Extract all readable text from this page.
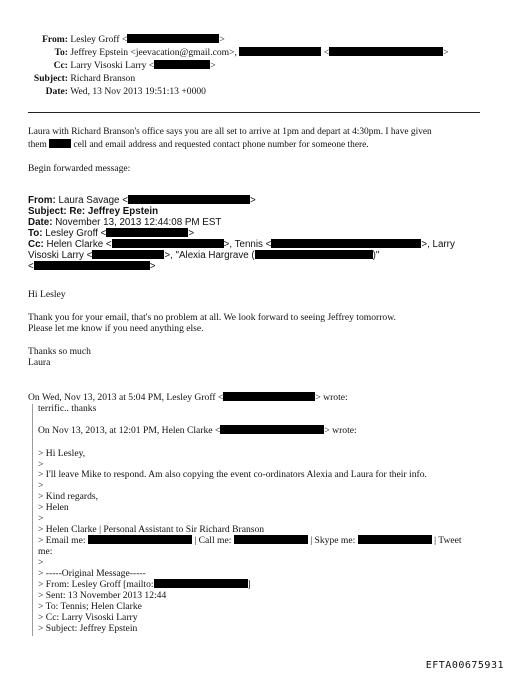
From: Lesley Groff <	>
To: Jeffrey Epstein <jeevacation@gmail.com>,	<	>
Cc: Larry Visoski Larry <	>
Subject: Richard Branson
Date: Wed, 13 Nov 2013 19:51:13 +0000
Laura with Richard Branson's office says you are all set to arrive at 1pm and depart at 4:30pm. I have given
them	cell and email address and requested contact phone number for someone there.
Begin forwarded message:
From: Laura Savage <	>
Subject: Re: Jeffrey Epstein
Date: November 13, 2013 12:44:08 PM EST
To: Lesley Groff <	>
Cc: Helen Clarke <	>, Tennis <	>, Larry
Visoski Larry <	>, "Alexia Hargrave (	)"
<	>
Hi Lesley
Thank you for your email, that's no problem at all. We look forward to seeing Jeffrey tomorrow.
Please let me know if you need anything else.
Thanks so much
Laura
On Wed, Nov 13, 2013 at 5:04 PM, Lesley Groff <	> wrote:
terrific.. thanks
On Nov 13, 2013, at 12:01 PM, Helen Clarke <	> wrote:
> Hi Lesley,
>
> I'll leave Mike to respond. Am also copying the event co-ordinators Alexia and Laura for their info.
>
> Kind regards,
> Helen
>
> Helen Clarke | Personal Assistant to Sir Richard Branson
> Email me:	| Call me:	| Skype me:	| Tweet
me:
>
> -----Original Message-----
> From: Lesley Groff [mailto:	]
> Sent: 13 November 2013 12:44
> To: Tennis; Helen Clarke
> Cc: Larry Visoski Larry
> Subject: Jeffrey Epstein
EFTA00675931
